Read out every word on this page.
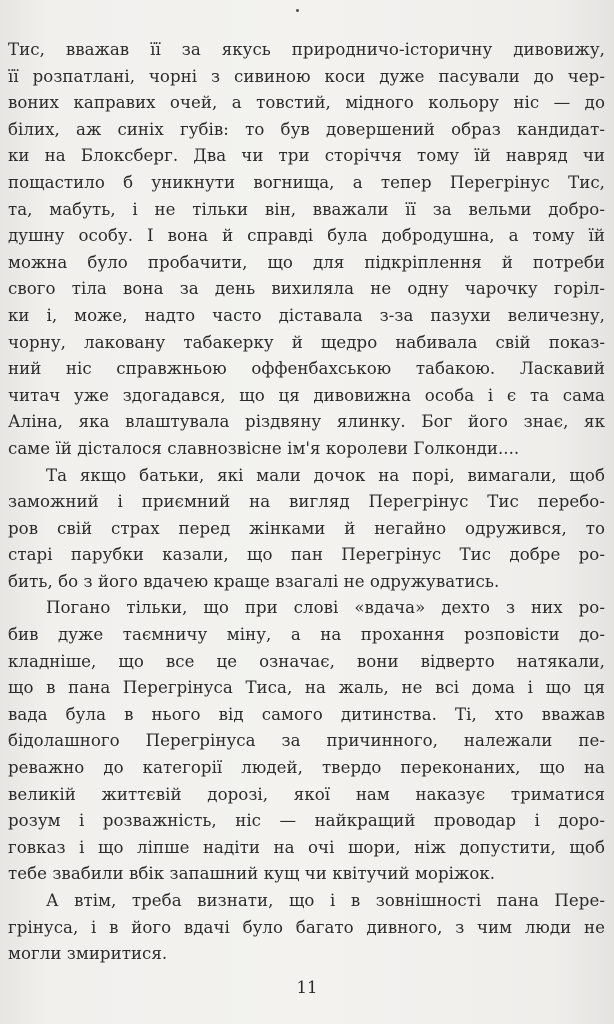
Тис, вважав її за якусь природничо-історичну дивовижу,
її розпатлані, чорні з сивиною коси дуже пасували до чер-
воних каправих очей, а товстий, мідного кольору ніс — до
білих, аж синіх губів: то був довершений образ кандидат-
ки на Блоксберг. Два чи три сторіччя тому їй навряд чи
пощастило б уникнути вогнища, а тепер Перегрінус Тис,
та, мабуть, і не тільки він, вважали її за вельми добро-
душну особу. І вона й справді була добродушна, а тому їй
можна було пробачити, що для підкріплення й потреби
свого тіла вона за день вихиляла не одну чарочку горіл-
ки і, може, надто часто діставала з-за пазухи величезну,
чорну, лаковану табакерку й щедро набивала свій показ-
ний ніс справжньою оффенбахською табакою. Ласкавий
читач уже здогадався, що ця дивовижна особа і є та сама
Аліна, яка влаштувала різдвяну ялинку. Бог його знає, як
саме їй дісталося славнозвісне ім'я королеви Голконди....
Та якщо батьки, які мали дочок на порі, вимагали, щоб
заможний і приємний на вигляд Перегрінус Тис перебо-
ров свій страх перед жінками й негайно одружився, то
старі парубки казали, що пан Перегрінус Тис добре ро-
бить, бо з його вдачею краще взагалі не одружуватись.
Погано тільки, що при слові «вдача» дехто з них ро-
бив дуже таємничу міну, а на прохання розповісти до-
кладніше, що все це означає, вони відверто натякали,
що в пана Перегрінуса Тиса, на жаль, не всі дома і що ця
вада була в нього від самого дитинства. Ті, хто вважав
бідолашного Перегрінуса за причинного, належали пе-
реважно до категорії людей, твердо переконаних, що на
великій життєвій дорозі, якої нам наказує триматися
розум і розважність, ніс — найкращий проводар і доро-
говказ і що ліпше надіти на очі шори, ніж допустити, щоб
тебе звабили вбік запашний кущ чи квітучий моріжок.
А втім, треба визнати, що і в зовнішності пана Пере-
грінуса, і в його вдачі було багато дивного, з чим люди не
могли змиритися.
11
